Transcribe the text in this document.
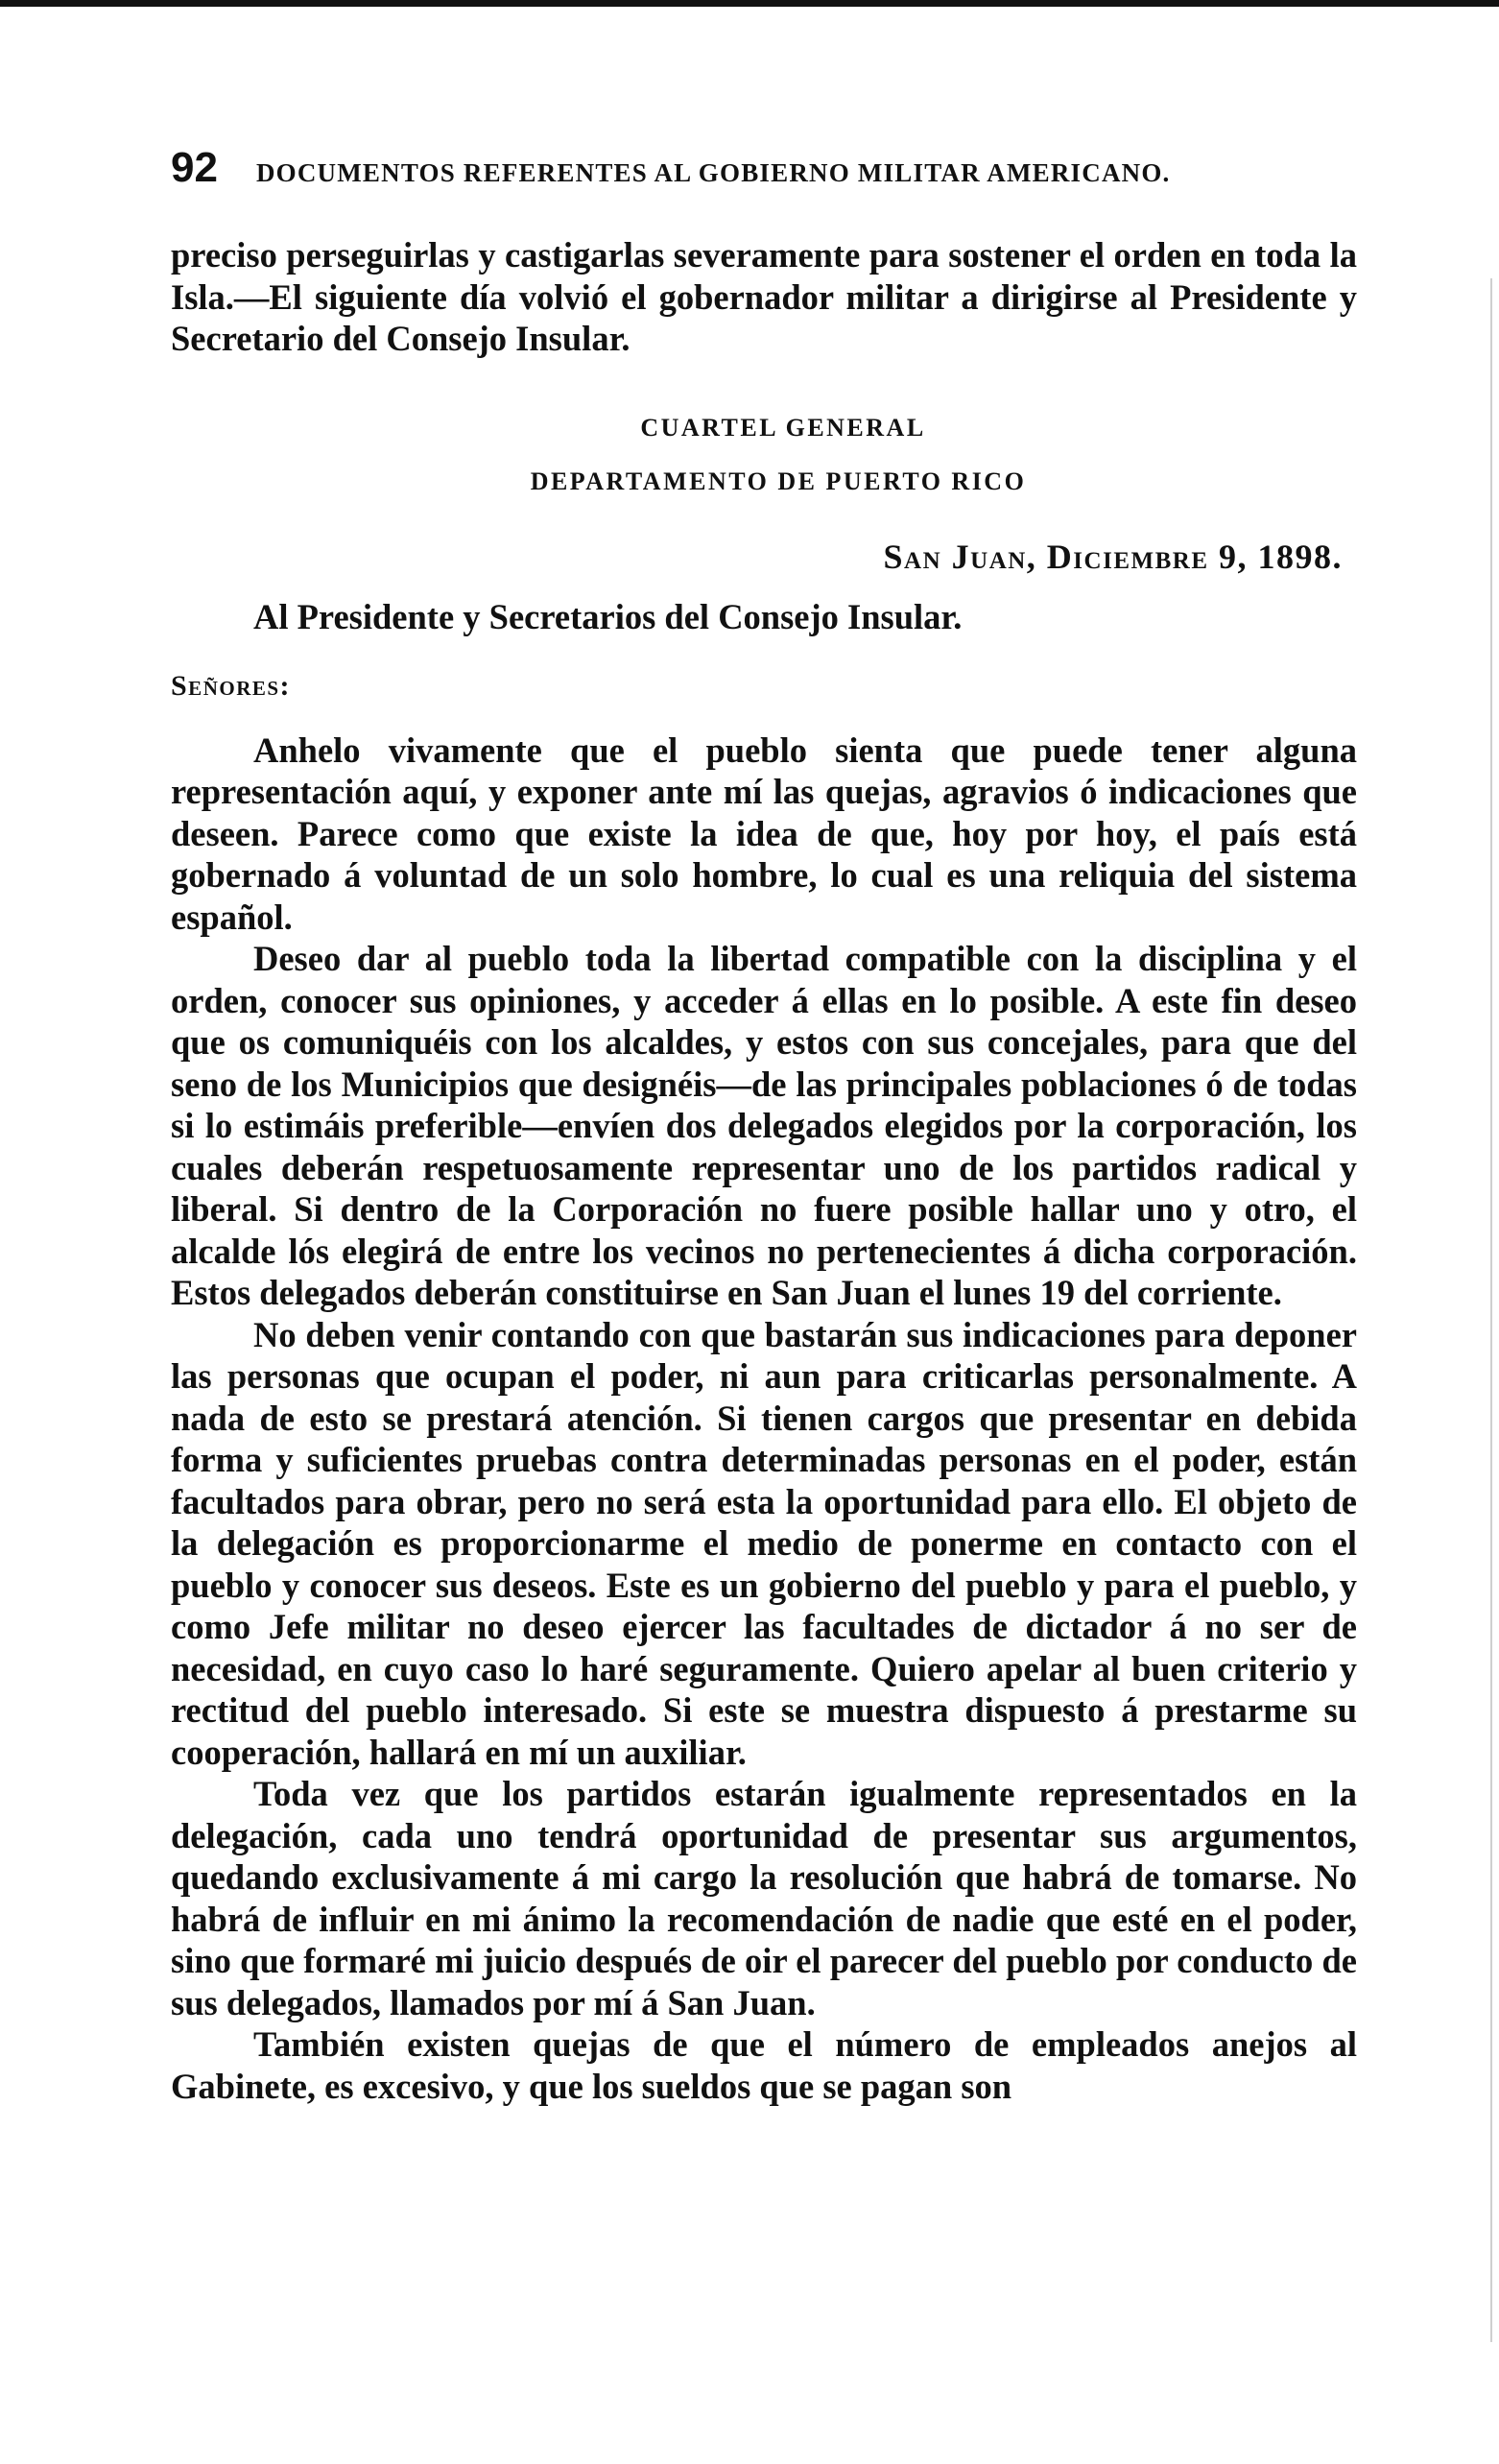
92 DOCUMENTOS REFERENTES AL GOBIERNO MILITAR AMERICANO.

preciso perseguirlas y castigarlas severamente para sostener el orden en toda la Isla.—El siguiente día volvió el gobernador militar a dirigirse al Presidente y Secretario del Consejo Insular.

CUARTEL GENERAL
DEPARTAMENTO DE PUERTO RICO
San Juan, Diciembre 9, 1898.
Al Presidente y Secretarios del Consejo Insular.
Señores:

Anhelo vivamente que el pueblo sienta que puede tener alguna representación aquí, y exponer ante mí las quejas, agravios ó indicaciones que deseen. Parece como que existe la idea de que, hoy por hoy, el país está gobernado á voluntad de un solo hombre, lo cual es una reliquia del sistema español.

Deseo dar al pueblo toda la libertad compatible con la disciplina y el orden, conocer sus opiniones, y acceder á ellas en lo posible. A este fin deseo que os comuniquéis con los alcaldes, y estos con sus concejales, para que del seno de los Municipios que designéis—de las principales poblaciones ó de todas si lo estimáis preferible—envíen dos delegados elegidos por la corporación, los cuales deberán respetuosamente representar uno de los partidos radical y liberal. Si dentro de la Corporación no fuere posible hallar uno y otro, el alcalde lós elegirá de entre los vecinos no pertenecientes á dicha corporación. Estos delegados deberán constituirse en San Juan el lunes 19 del corriente.

No deben venir contando con que bastarán sus indicaciones para deponer las personas que ocupan el poder, ni aun para criticarlas personalmente. A nada de esto se prestará atención. Si tienen cargos que presentar en debida forma y suficientes pruebas contra determinadas personas en el poder, están facultados para obrar, pero no será esta la oportunidad para ello. El objeto de la delegación es proporcionarme el medio de ponerme en contacto con el pueblo y conocer sus deseos. Este es un gobierno del pueblo y para el pueblo, y como Jefe militar no deseo ejercer las facultades de dictador á no ser de necesidad, en cuyo caso lo haré seguramente. Quiero apelar al buen criterio y rectitud del pueblo interesado. Si este se muestra dispuesto á prestarme su cooperación, hallará en mí un auxiliar.

Toda vez que los partidos estarán igualmente representados en la delegación, cada uno tendrá oportunidad de presentar sus argumentos, quedando exclusivamente á mi cargo la resolución que habrá de tomarse. No habrá de influir en mi ánimo la recomendación de nadie que esté en el poder, sino que formaré mi juicio después de oir el parecer del pueblo por conducto de sus delegados, llamados por mí á San Juan.

También existen quejas de que el número de empleados anejos al Gabinete, es excesivo, y que los sueldos que se pagan son
